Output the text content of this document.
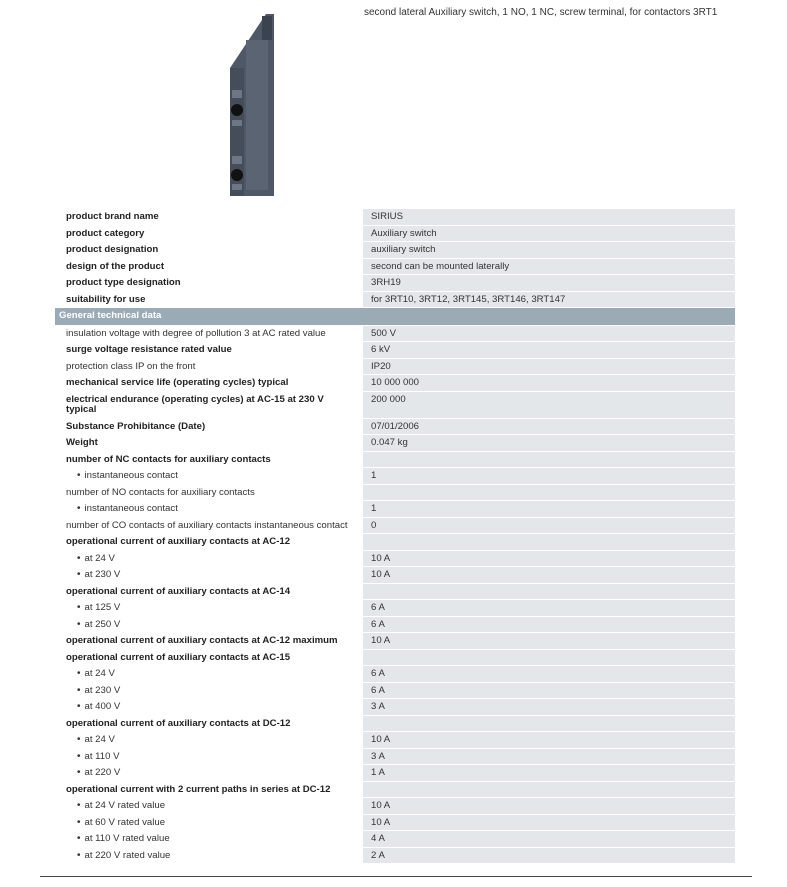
second lateral Auxiliary switch, 1 NO, 1 NC, screw terminal, for contactors 3RT1
product brand name	SIRIUS
product category	Auxiliary switch
product designation	auxiliary switch
design of the product	second can be mounted laterally
product type designation	3RH19
suitability for use	for 3RT10, 3RT12, 3RT145, 3RT146, 3RT147
General technical data	
insulation voltage with degree of pollution 3 at AC rated value	500 V
surge voltage resistance rated value	6 kV
protection class IP on the front	IP20
mechanical service life (operating cycles) typical	10 000 000
electrical endurance (operating cycles) at AC-15 at 230 V typical	200 000
Substance Prohibitance (Date)	07/01/2006
Weight	0.047 kg
number of NC contacts for auxiliary contacts	
• instantaneous contact	1
number of NO contacts for auxiliary contacts	
• instantaneous contact	1
number of CO contacts of auxiliary contacts instantaneous contact	0
operational current of auxiliary contacts at AC-12	
• at 24 V	10 A
• at 230 V	10 A
operational current of auxiliary contacts at AC-14	
• at 125 V	6 A
• at 250 V	6 A
operational current of auxiliary contacts at AC-12 maximum	10 A
operational current of auxiliary contacts at AC-15	
• at 24 V	6 A
• at 230 V	6 A
• at 400 V	3 A
operational current of auxiliary contacts at DC-12	
• at 24 V	10 A
• at 110 V	3 A
• at 220 V	1 A
operational current with 2 current paths in series at DC-12	
• at 24 V rated value	10 A
• at 60 V rated value	10 A
• at 110 V rated value	4 A
• at 220 V rated value	2 A
